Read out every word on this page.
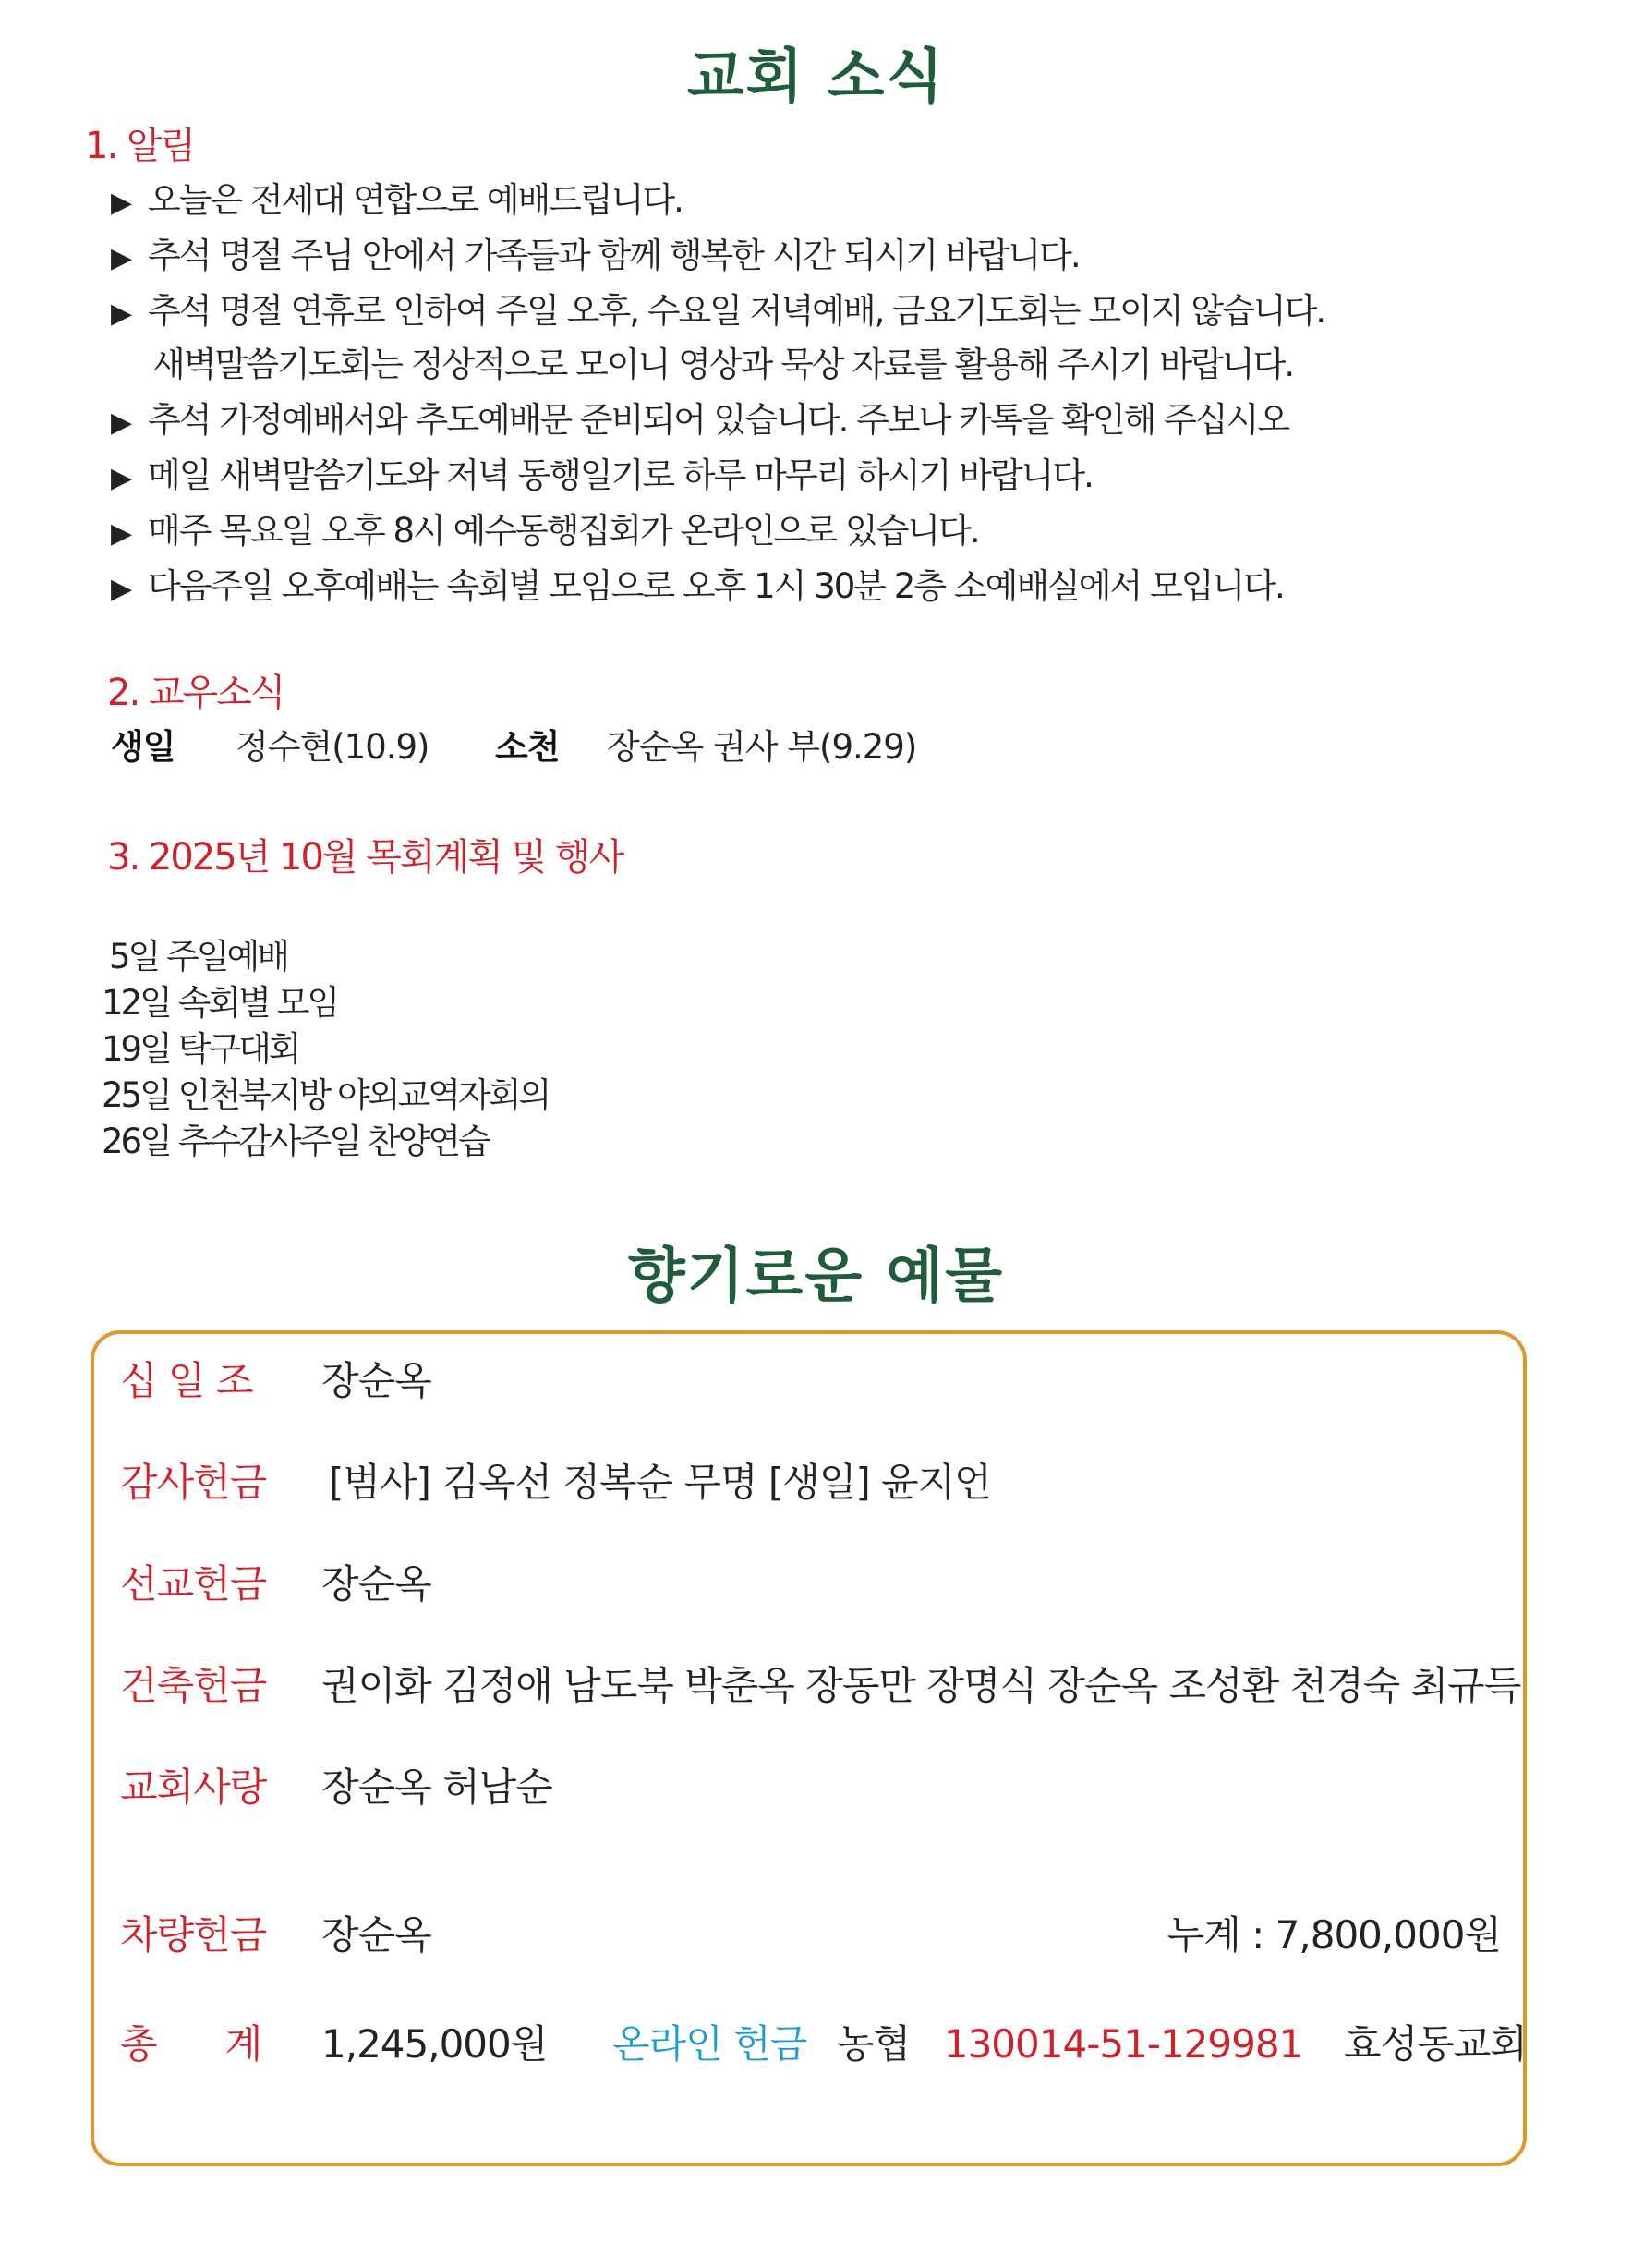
교회 소식
1. 알림
▶ 오늘은 전세대 연합으로 예배드립니다.
▶ 추석 명절 주님 안에서 가족들과 함께 행복한 시간 되시기 바랍니다.
▶ 추석 명절 연휴로 인하여 주일 오후, 수요일 저녁예배, 금요기도회는 모이지 않습니다.
새벽말씀기도회는 정상적으로 모이니 영상과 묵상 자료를 활용해 주시기 바랍니다.
▶ 추석 가정예배서와 추도예배문 준비되어 있습니다. 주보나 카톡을 확인해 주십시오
▶ 메일 새벽말씀기도와 저녁 동행일기로 하루 마무리 하시기 바랍니다.
▶ 매주 목요일 오후 8시 예수동행집회가 온라인으로 있습니다.
▶ 다음주일 오후예배는 속회별 모임으로 오후 1시 30분 2층 소예배실에서 모입니다.
2. 교우소식
생일 정수현(10.9) 소천 장순옥 권사 부(9.29)
3. 2025년 10월 목회계획 및 행사
5일 주일예배
12일 속회별 모임
19일 탁구대회
25일 인천북지방 야외교역자회의
26일 추수감사주일 찬양연습
향기로운 예물
십 일 조 장순옥
감사헌금 [범사] 김옥선 정복순 무명 [생일] 윤지언
선교헌금 장순옥
건축헌금 권이화 김정애 남도북 박춘옥 장동만 장명식 장순옥 조성환 천경숙 최규득
교회사랑 장순옥 허남순
차량헌금 장순옥	누계 : 7,800,000원
총      계 1,245,000원 온라인 헌금 농협 130014-51-129981 효성동교회
